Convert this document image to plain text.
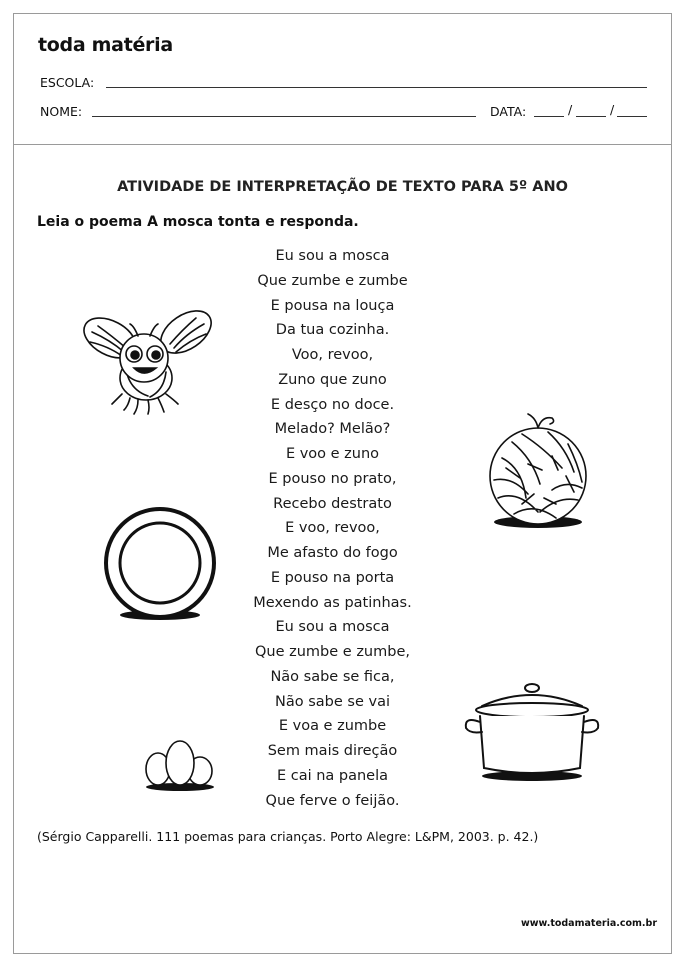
toda matéria
ESCOLA:
NOME:	DATA:	/	/
ATIVIDADE DE INTERPRETAÇÃO DE TEXTO PARA 5º ANO
Leia o poema A mosca tonta e responda.
Eu sou a mosca
Que zumbe e zumbe
E pousa na louça
Da tua cozinha.
Voo, revoo,
Zuno que zuno
E desço no doce.
Melado? Melão?
E voo e zuno
E pouso no prato,
Recebo destrato
E voo, revoo,
Me afasto do fogo
E pouso na porta
Mexendo as patinhas.
Eu sou a mosca
Que zumbe e zumbe,
Não sabe se fica,
Não sabe se vai
E voa e zumbe
Sem mais direção
E cai na panela
Que ferve o feijão.
(Sérgio Capparelli. 111 poemas para crianças. Porto Alegre: L&PM, 2003. p. 42.)
www.todamateria.com.br
